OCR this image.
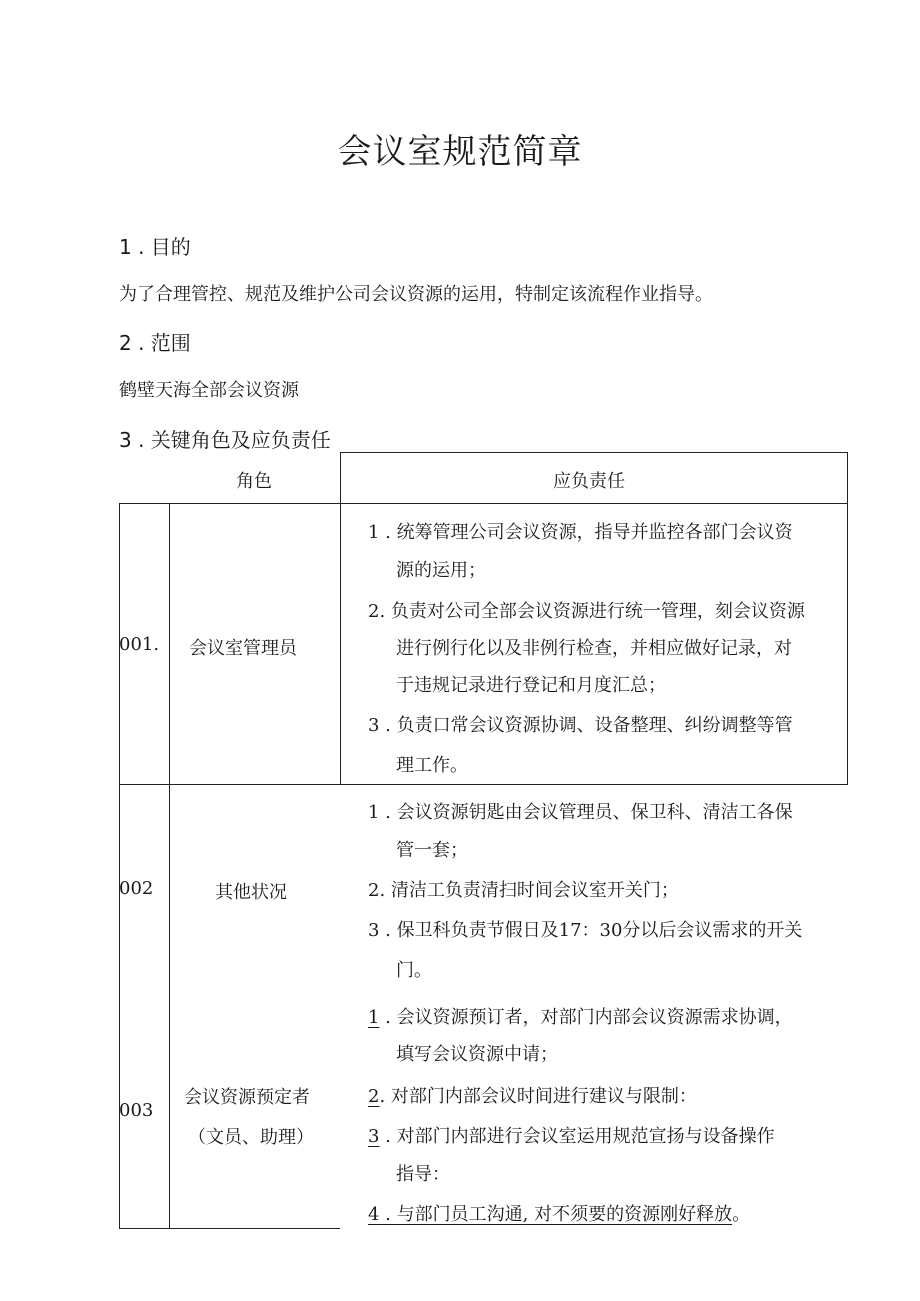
会议室规范简章
1 . 目的
为了合理管控、规范及维护公司会议资源的运用，特制定该流程作业指导。
2 . 范围
鹤壁天海全部会议资源
3 . 关键角色及应负责任
角色	应负责任
001. 会议室管理员
1 . 统筹管理公司会议资源，指导并监控各部门会议资
源的运用；
2. 负责对公司全部会议资源进行统一管理，刻会议资源
进行例行化以及非例行检查，并相应做好记录，对
于违规记录进行登记和月度汇总；
3 . 负责口常会议资源协调、设备整理、纠纷调整等管
理工作。
002	其他状况
1 . 会议资源钥匙由会议管理员、保卫科、清洁工各保
管一套；
2. 清洁工负责清扫时间会议室开关门；
3 . 保卫科负责节假日及17：30分以后会议需求的开关
门。
003
会议资源预定者
（文员、助理）
1 . 会议资源预订者，对部门内部会议资源需求协调，
填写会议资源中请；
2. 对部门内部会议时间进行建议与限制：
3 . 对部门内部进行会议室运用规范宣扬与设备操作
指导：
4 . 与部门员工沟通, 对不须要的资源刚好释放。
